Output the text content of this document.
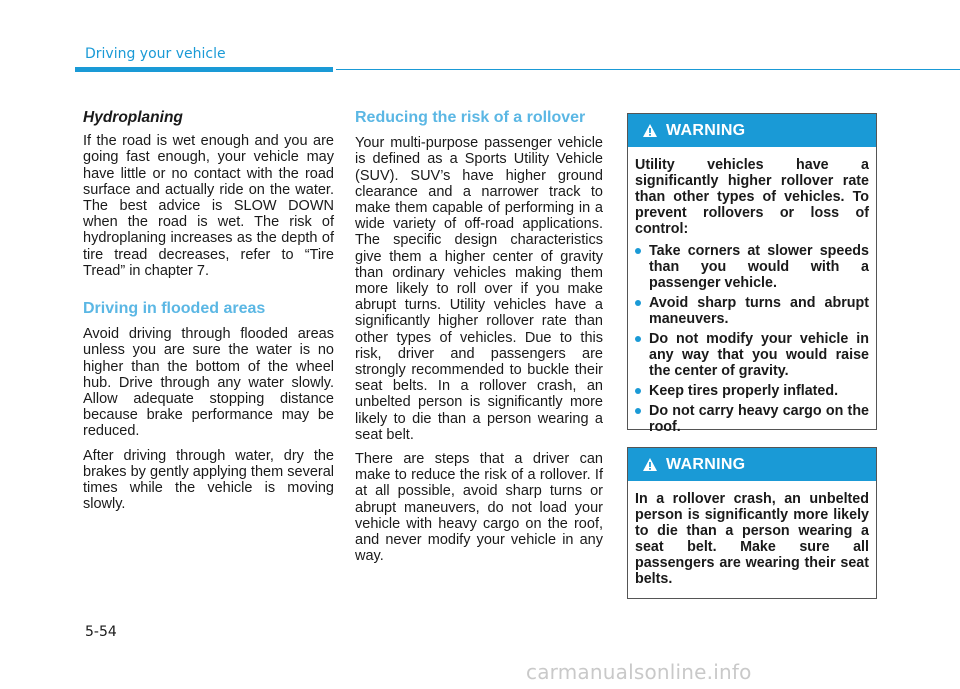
Driving your vehicle
Hydroplaning

If the road is wet enough and you are going fast enough, your vehicle may have little or no contact with the road surface and actually ride on the water. The best advice is SLOW DOWN when the road is wet. The risk of hydroplaning increases as the depth of tire tread decreases, refer to “Tire Tread” in chapter 7.

Driving in flooded areas

Avoid driving through flooded areas unless you are sure the water is no higher than the bottom of the wheel hub. Drive through any water slowly. Allow adequate stopping distance because brake performance may be reduced.

After driving through water, dry the brakes by gently applying them several times while the vehicle is moving slowly.

Reducing the risk of a rollover

Your multi-purpose passenger vehicle is defined as a Sports Utility Vehicle (SUV). SUV’s have higher ground clearance and a narrower track to make them capable of performing in a wide variety of off-road applications. The specific design characteristics give them a higher center of gravity than ordinary vehicles making them more likely to roll over if you make abrupt turns. Utility vehicles have a significantly higher rollover rate than other types of vehicles. Due to this risk, driver and passengers are strongly recommended to buckle their seat belts. In a rollover crash, an unbelted person is significantly more likely to die than a person wearing a seat belt.

There are steps that a driver can make to reduce the risk of a rollover. If at all possible, avoid sharp turns or abrupt maneuvers, do not load your vehicle with heavy cargo on the roof, and never modify your vehicle in any way.

WARNING

Utility vehicles have a significantly higher rollover rate than other types of vehicles. To prevent rollovers or loss of control:

Take corners at slower speeds than you would with a passenger vehicle.
Avoid sharp turns and abrupt maneuvers.
Do not modify your vehicle in any way that you would raise the center of gravity.
Keep tires properly inflated.
Do not carry heavy cargo on the roof.
WARNING

In a rollover crash, an unbelted person is significantly more likely to die than a person wearing a seat belt. Make sure all passengers are wearing their seat belts.

5-54
carmanualsonline.info
